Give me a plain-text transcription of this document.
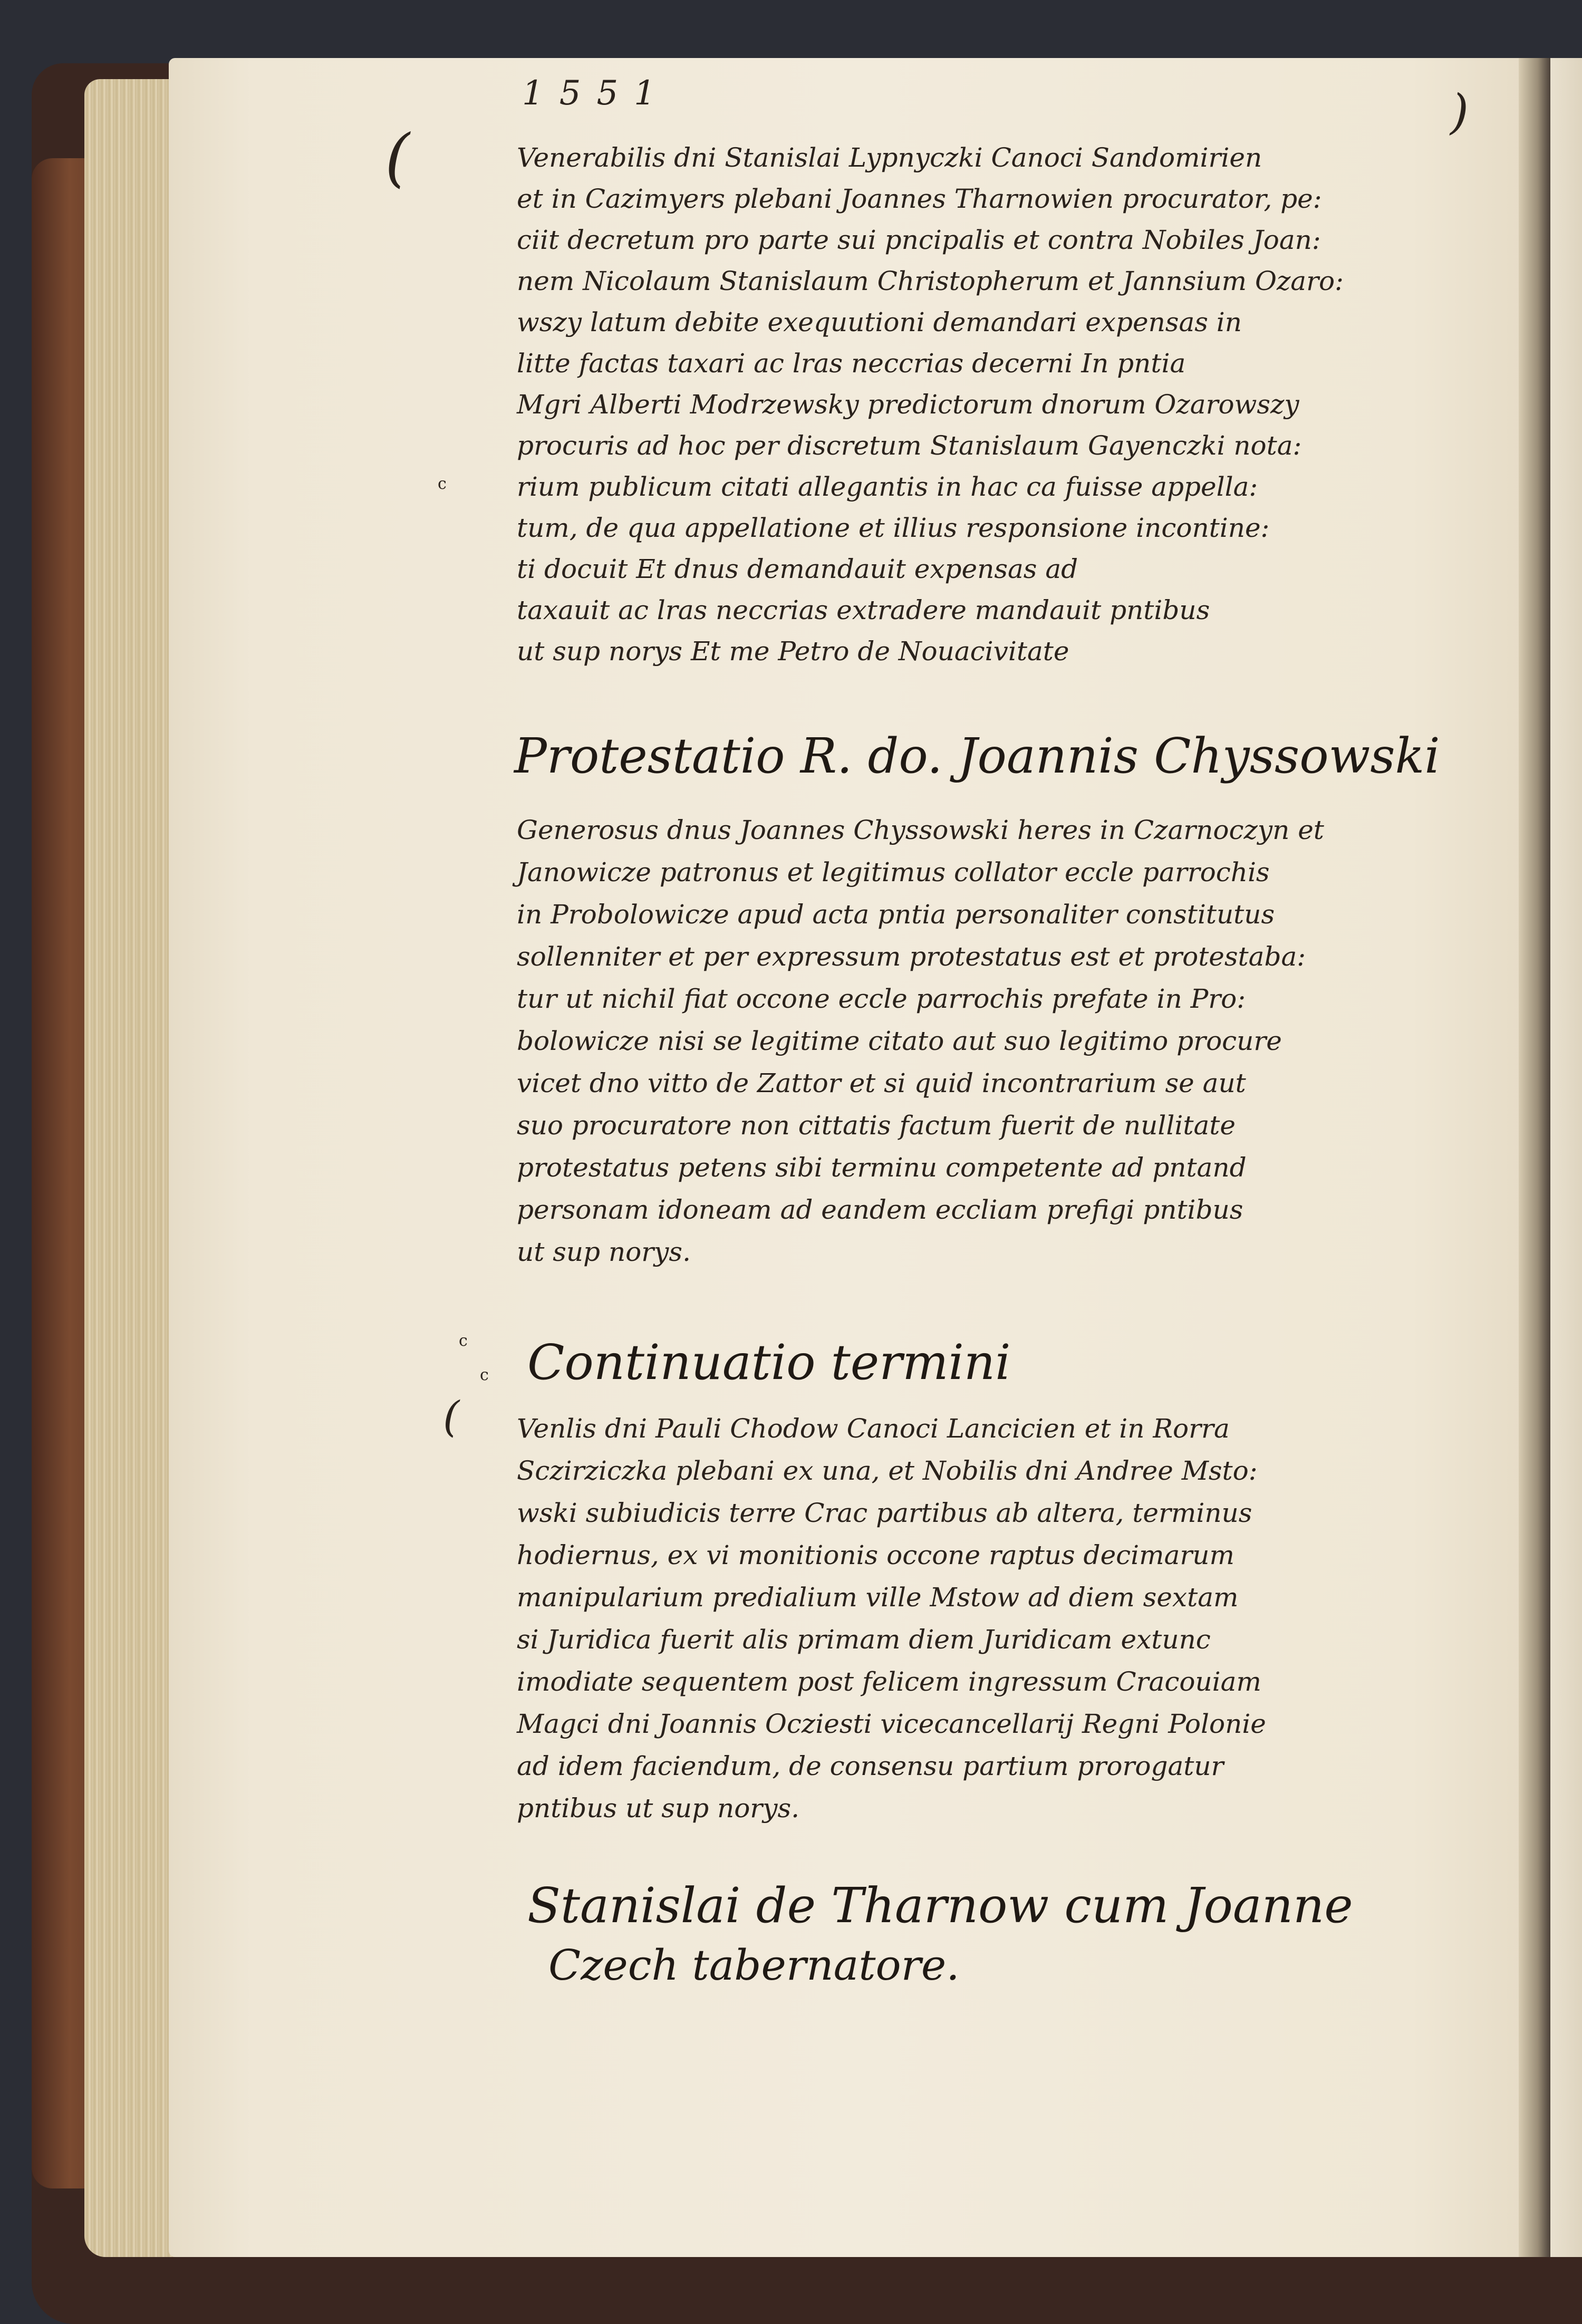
1551
(
)
c
c
c
Venerabilis dni Stanislai Lypnyczki Canoci Sandomirien
et in Cazimyers plebani Joannes Tharnowien procurator, pe:
ciit decretum pro parte sui pncipalis et contra Nobiles Joan:
nem Nicolaum Stanislaum Christopherum et Jannsium Ozaro:
wszy latum debite exequutioni demandari expensas in
litte factas taxari ac lras neccrias decerni In pntia
Mgri Alberti Modrzewsky predictorum dnorum Ozarowszy
procuris ad hoc per discretum Stanislaum Gayenczki nota:
rium publicum citati allegantis in hac ca fuisse appella:
tum, de qua appellatione et illius responsione incontine:
ti docuit Et dnus demandauit expensas ad
taxauit ac lras neccrias extradere mandauit pntibus
ut sup norys Et me Petro de Nouacivitate
Protestatio R. do. Joannis Chyssowski
Generosus dnus Joannes Chyssowski heres in Czarnoczyn et
Janowicze patronus et legitimus collator eccle parrochis
in Probolowicze apud acta pntia personaliter constitutus
sollenniter et per expressum protestatus est et protestaba:
tur ut nichil fiat occone eccle parrochis prefate in Pro:
bolowicze nisi se legitime citato aut suo legitimo procure
vicet dno vitto de Zattor et si quid incontrarium se aut
suo procuratore non cittatis factum fuerit de nullitate
protestatus petens sibi terminu competente ad pntand
personam idoneam ad eandem eccliam prefigi pntibus
ut sup norys.
Continuatio termini
( Venlis dni Pauli Chodow Canoci Lancicien et in Rorra
Sczirziczka plebani ex una, et Nobilis dni Andree Msto:
wski subiudicis terre Crac partibus ab altera, terminus
hodiernus, ex vi monitionis occone raptus decimarum
manipularium predialium ville Mstow ad diem sextam
si Juridica fuerit alis primam diem Juridicam extunc
imodiate sequentem post felicem ingressum Cracouiam
Magci dni Joannis Ocziesti vicecancellarij Regni Polonie
ad idem faciendum, de consensu partium prorogatur
pntibus ut sup norys.
Stanislai de Tharnow cum Joanne
Czech tabernatore.
